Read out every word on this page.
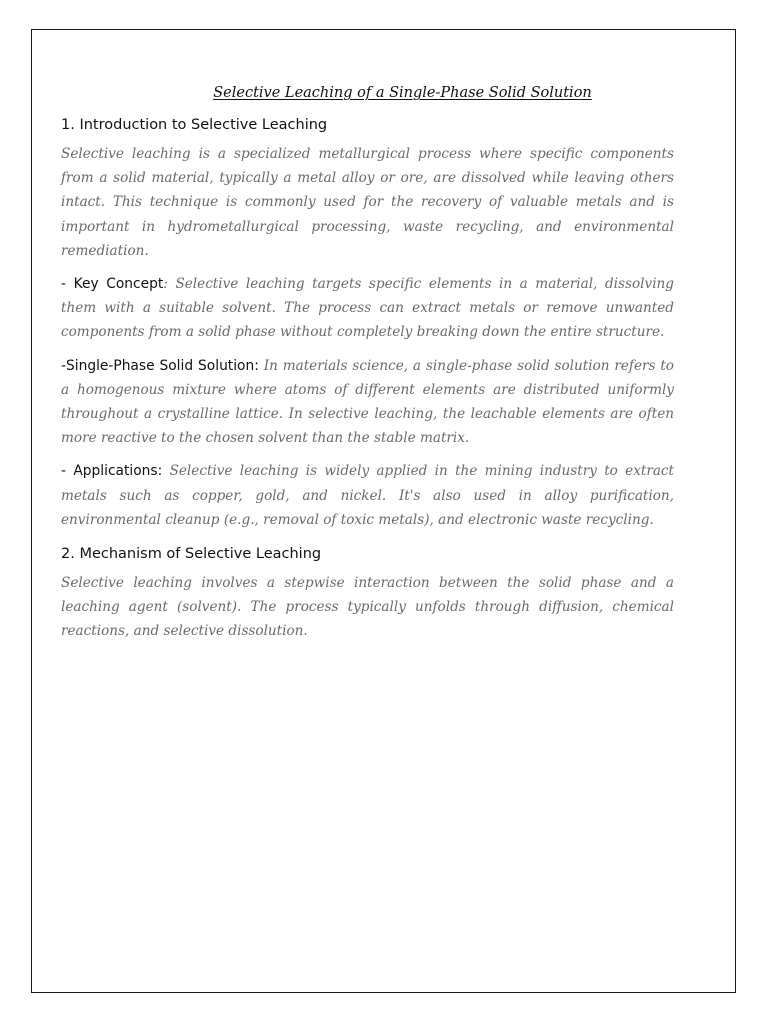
Selective Leaching of a Single-Phase Solid Solution

1. Introduction to Selective Leaching

Selective leaching is a specialized metallurgical process where specific components from a solid material, typically a metal alloy or ore, are dissolved while leaving others intact. This technique is commonly used for the recovery of valuable metals and is important in hydrometallurgical processing, waste recycling, and environmental remediation.

- Key Concept: Selective leaching targets specific elements in a material, dissolving them with a suitable solvent. The process can extract metals or remove unwanted components from a solid phase without completely breaking down the entire structure.

-Single-Phase Solid Solution: In materials science, a single-phase solid solution refers to a homogenous mixture where atoms of different elements are distributed uniformly throughout a crystalline lattice. In selective leaching, the leachable elements are often more reactive to the chosen solvent than the stable matrix.

- Applications: Selective leaching is widely applied in the mining industry to extract metals such as copper, gold, and nickel. It's also used in alloy purification, environmental cleanup (e.g., removal of toxic metals), and electronic waste recycling.

2. Mechanism of Selective Leaching

Selective leaching involves a stepwise interaction between the solid phase and a leaching agent (solvent). The process typically unfolds through diffusion, chemical reactions, and selective dissolution.
